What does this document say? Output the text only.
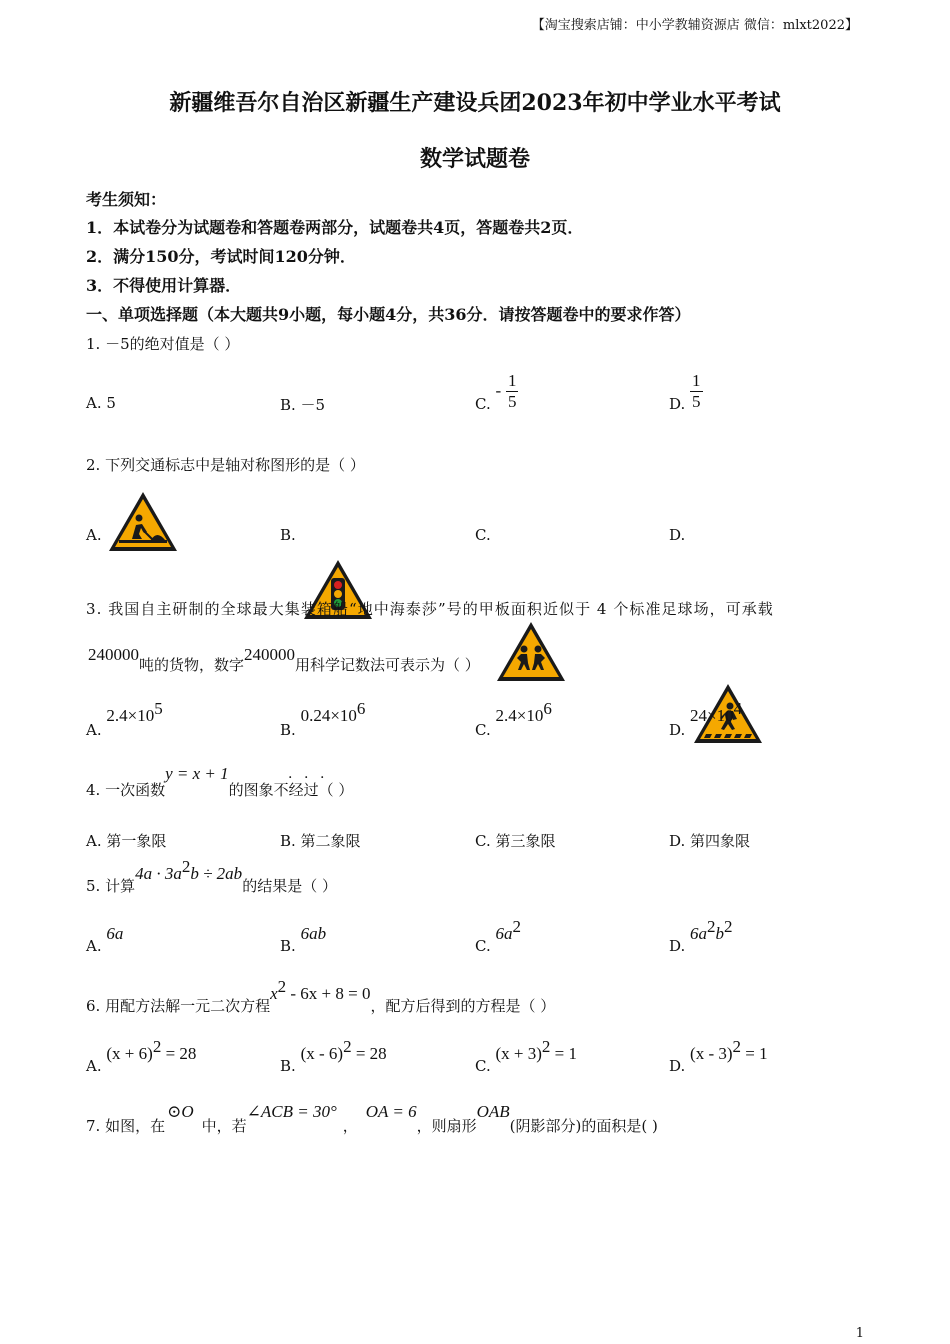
【淘宝搜索店铺：中小学教辅资源店 微信：mlxt2022】
新疆维吾尔自治区新疆生产建设兵团2023年初中学业水平考试
数学试题卷
考生须知：
1．本试卷分为试题卷和答题卷两部分，试题卷共4页，答题卷共2页．
2．满分150分，考试时间120分钟．
3．不得使用计算器．
一、单项选择题（本大题共9小题，每小题4分，共36分．请按答题卷中的要求作答）
1. －5的绝对值是（ ）
A. 5	B. －5	C. - $\frac{1}{5}$	D. $\frac{1}{5}$
2. 下列交通标志中是轴对称图形的是（ ）
A.	B.	C.	D.
3. 我国自主研制的全球最大集装箱船“地中海泰莎”号的甲板面积近似于 4 个标准足球场，可承载
240000吨的货物，数字240000用科学记数法可表示为（ ）
A. $2.4\times 10^5$
B. $0.24\times 10^6$
C. $2.4\times 10^6$
D. $24\times 10^4$
4. 一次函数y = x + 1的图象不经过（ ）
. . .
A. 第一象限	B. 第二象限	C. 第三象限	D. 第四象限
5. 计算$4a \cdot 3a^2b \div 2ab$的结果是（ ）
A. 6a
B. 6ab
C. $6a^2$
D. $6a^2b^2$
6. 用配方法解一元二次方程$x^2 - 6x + 8 = 0$，配方后得到的方程是（ ）
A. $(x + 6)^2 = 28$
B. (x - 6)$^2$ = 28
C. $(x + 3)^2 = 1$
D. (x - 3)$^2$ = 1
7. 如图，在⊙O中，若∠ACB = 30°，OA = 6，则扇形OAB(阴影部分)的面积是( )
1
